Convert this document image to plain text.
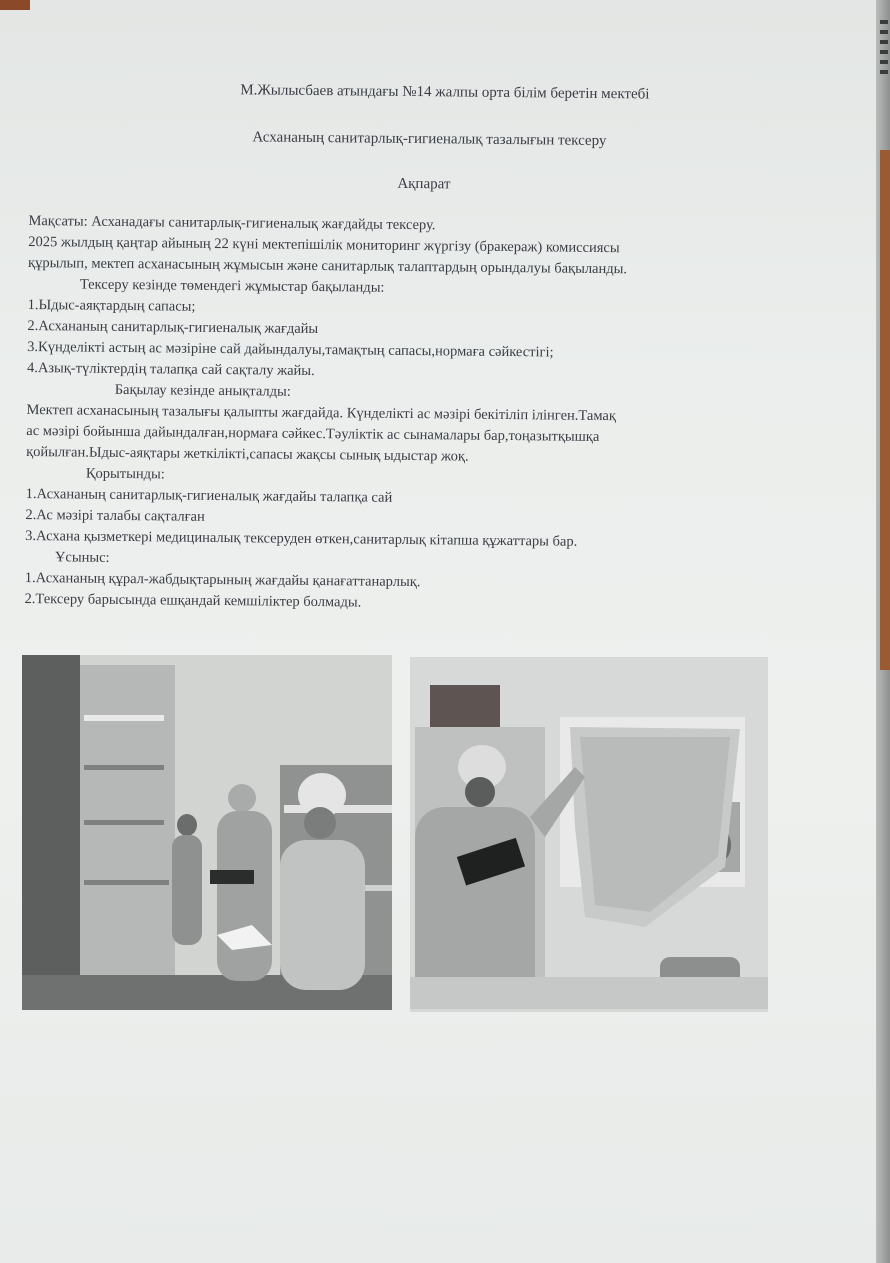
М.Жылысбаев атындағы №14 жалпы орта білім беретін мектебі
Асхананың санитарлық-гигиеналық тазалығын тексеру
Ақпарат

Мақсаты: Асханадағы санитарлық-гигиеналық жағдайды тексеру.

2025 жылдың қаңтар айының 22 күні мектепішілік мониторинг жүргізу (бракераж) комиссиясы

құрылып, мектеп асханасының жұмысын және санитарлық талаптардың орындалуы бақыланды.

Тексеру кезінде төмендегі жұмыстар бақыланды:

1.Ыдыс-аяқтардың сапасы;

2.Асхананың санитарлық-гигиеналық жағдайы

3.Күнделікті астың ас мәзіріне сай дайындалуы,тамақтың сапасы,нормаға сәйкестігі;

4.Азық-түліктердің талапқа сай сақталу жайы.

Бақылау кезінде анықталды:

Мектеп асханасының тазалығы қалыпты жағдайда. Күнделікті ас мәзірі бекітіліп ілінген.Тамақ

ас мәзірі бойынша дайындалған,нормаға сәйкес.Тәуліктік ас сынамалары бар,тоңазытқышқа

қойылған.Ыдыс-аяқтары жеткілікті,сапасы жақсы сынық ыдыстар жоқ.

Қорытынды:

1.Асхананың санитарлық-гигиеналық жағдайы талапқа сай

2.Ас мәзірі талабы сақталған

3.Асхана қызметкері медициналық тексеруден өткен,санитарлық кітапша құжаттары бар.

Ұсыныс:

1.Асхананың құрал-жабдықтарының жағдайы қанағаттанарлық.

2.Тексеру барысында ешқандай кемшіліктер болмады.
